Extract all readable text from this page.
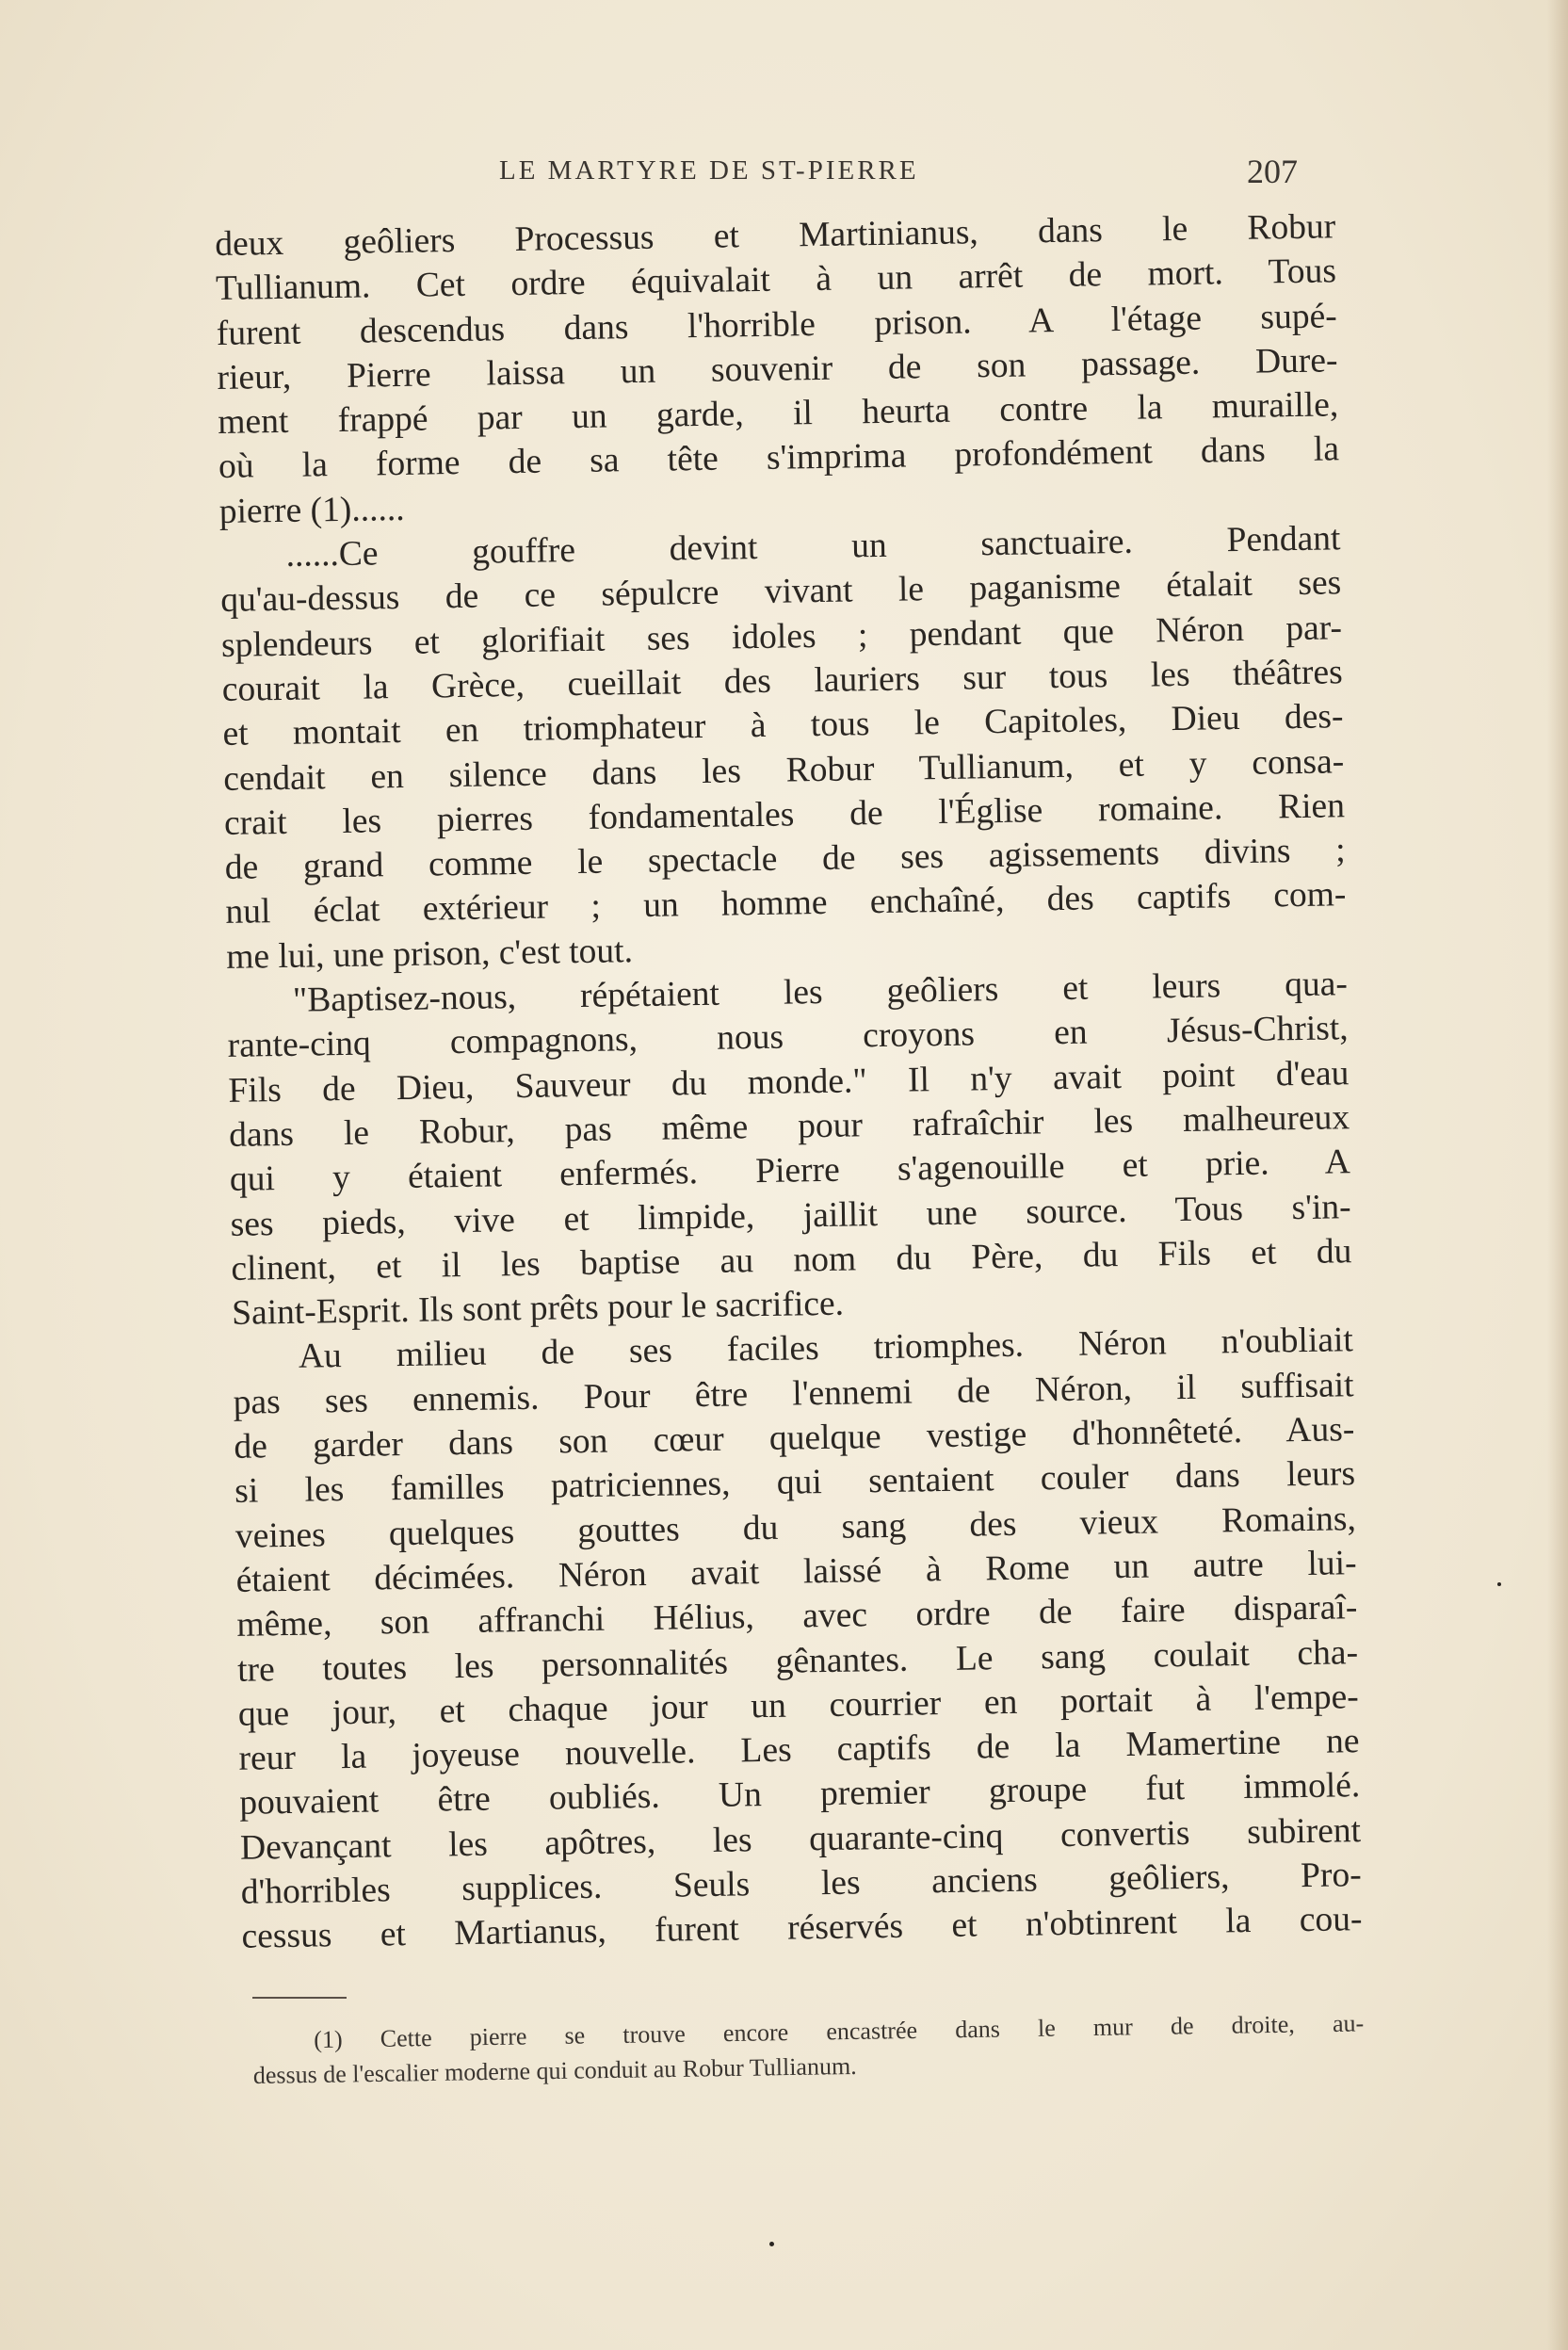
LE MARTYRE DE ST-PIERRE	207
deux geôliers Processus et Martinianus, dans le Robur
Tullianum. Cet ordre équivalait à un arrêt de mort. Tous
furent descendus dans l'horrible prison. A l'étage supé-
rieur, Pierre laissa un souvenir de son passage. Dure-
ment frappé par un garde, il heurta contre la muraille,
où la forme de sa tête s'imprima profondément dans la
pierre (1)......
......Ce gouffre devint un sanctuaire. Pendant
qu'au-dessus de ce sépulcre vivant le paganisme étalait ses
splendeurs et glorifiait ses idoles ; pendant que Néron par-
courait la Grèce, cueillait des lauriers sur tous les théâtres
et montait en triomphateur à tous le Capitoles, Dieu des-
cendait en silence dans les Robur Tullianum, et y consa-
crait les pierres fondamentales de l'Église romaine. Rien
de grand comme le spectacle de ses agissements divins ;
nul éclat extérieur ; un homme enchaîné, des captifs com-
me lui, une prison, c'est tout.
"Baptisez-nous, répétaient les geôliers et leurs qua-
rante-cinq compagnons, nous croyons en Jésus-Christ,
Fils de Dieu, Sauveur du monde." Il n'y avait point d'eau
dans le Robur, pas même pour rafraîchir les malheureux
qui y étaient enfermés. Pierre s'agenouille et prie. A
ses pieds, vive et limpide, jaillit une source. Tous s'in-
clinent, et il les baptise au nom du Père, du Fils et du
Saint-Esprit. Ils sont prêts pour le sacrifice.
Au milieu de ses faciles triomphes. Néron n'oubliait
pas ses ennemis. Pour être l'ennemi de Néron, il suffisait
de garder dans son cœur quelque vestige d'honnêteté. Aus-
si les familles patriciennes, qui sentaient couler dans leurs
veines quelques gouttes du sang des vieux Romains,
étaient décimées. Néron avait laissé à Rome un autre lui-
même, son affranchi Hélius, avec ordre de faire disparaî-
tre toutes les personnalités gênantes. Le sang coulait cha-
que jour, et chaque jour un courrier en portait à l'empe-
reur la joyeuse nouvelle. Les captifs de la Mamertine ne
pouvaient être oubliés. Un premier groupe fut immolé.
Devançant les apôtres, les quarante-cinq convertis subirent
d'horribles supplices. Seuls les anciens geôliers, Pro-
cessus et Martianus, furent réservés et n'obtinrent la cou-
(1) Cette pierre se trouve encore encastrée dans le mur de droite, au-
dessus de l'escalier moderne qui conduit au Robur Tullianum.
